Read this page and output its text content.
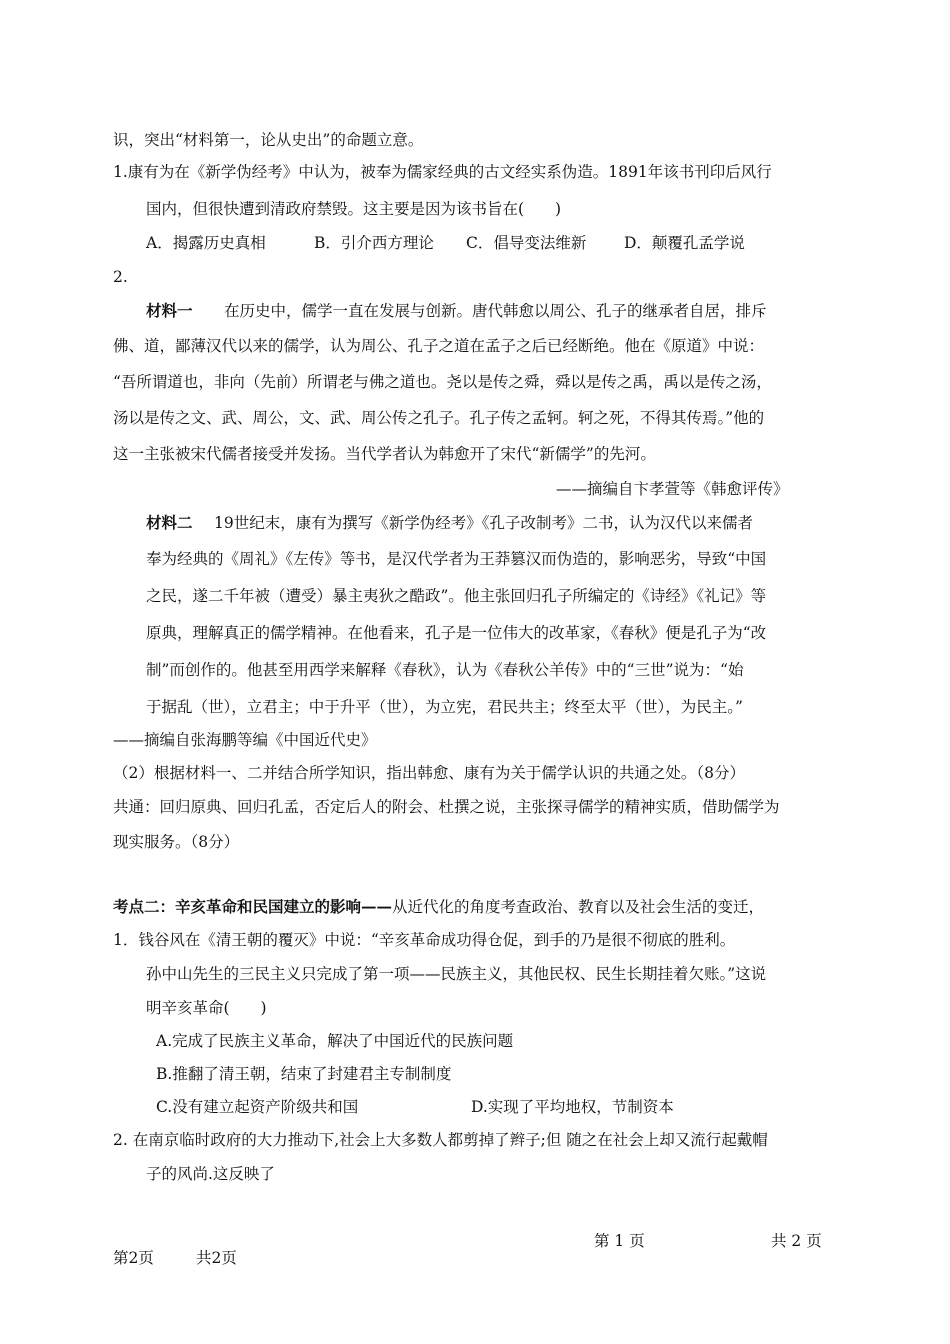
识，突出“材料第一，论从史出”的命题立意。
1.康有为在《新学伪经考》中认为，被奉为儒家经典的古文经实系伪造。1891年该书刊印后风行
国内，但很快遭到清政府禁毁。这主要是因为该书旨在(　　)
A．揭露历史真相	B．引介西方理论 C．倡导变法维新 D．颠覆孔孟学说
2.
材料一 在历史中，儒学一直在发展与创新。唐代韩愈以周公、孔子的继承者自居，排斥
佛、道，鄙薄汉代以来的儒学，认为周公、孔子之道在孟子之后已经断绝。他在《原道》中说：
“吾所谓道也，非向（先前）所谓老与佛之道也。尧以是传之舜，舜以是传之禹，禹以是传之汤，
汤以是传之文、武、周公，文、武、周公传之孔子。孔子传之孟轲。轲之死，不得其传焉。”他的
这一主张被宋代儒者接受并发扬。当代学者认为韩愈开了宋代“新儒学”的先河。
——摘编自卞孝萱等《韩愈评传》
材料二 19世纪末，康有为撰写《新学伪经考》《孔子改制考》二书，认为汉代以来儒者
奉为经典的《周礼》《左传》等书，是汉代学者为王莽篡汉而伪造的，影响恶劣，导致“中国
之民，遂二千年被（遭受）暴主夷狄之酷政”。他主张回归孔子所编定的《诗经》《礼记》等
原典，理解真正的儒学精神。在他看来，孔子是一位伟大的改革家，《春秋》便是孔子为“改
制”而创作的。他甚至用西学来解释《春秋》，认为《春秋公羊传》中的“三世”说为：“始
于据乱（世），立君主；中于升平（世），为立宪，君民共主；终至太平（世），为民主。”
——摘编自张海鹏等编《中国近代史》
（2）根据材料一、二并结合所学知识，指出韩愈、康有为关于儒学认识的共通之处。（8分）
共通：回归原典、回归孔孟，否定后人的附会、杜撰之说，主张探寻儒学的精神实质，借助儒学为
现实服务。（8分）
考点二：辛亥革命和民国建立的影响——从近代化的角度考查政治、教育以及社会生活的变迁，
1．钱谷风在《清王朝的覆灭》中说：“辛亥革命成功得仓促，到手的乃是很不彻底的胜利。
孙中山先生的三民主义只完成了第一项——民族主义，其他民权、民生长期挂着欠账。”这说
明辛亥革命(　　)
A.完成了民族主义革命，解决了中国近代的民族问题
B.推翻了清王朝，结束了封建君主专制制度
C.没有建立起资产阶级共和国	D.实现了平均地权，节制资本
2. 在南京临时政府的大力推动下,社会上大多数人都剪掉了辫子;但 随之在社会上却又流行起戴帽
子的风尚.这反映了
第 1 页	共 2 页
第2页	共2页
